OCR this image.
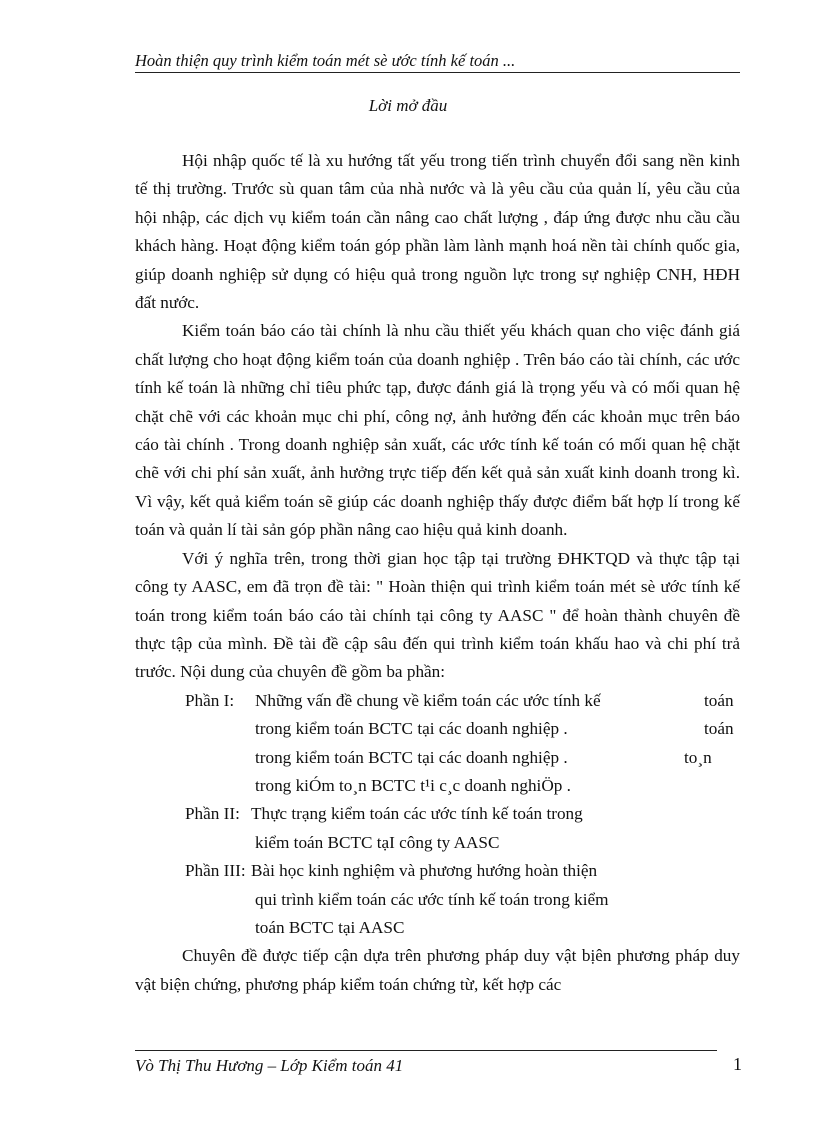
Hoàn thiện quy trình kiểm toán mét sè ước tính kế toán ...
Lời mở đầu

Hội nhập quốc tế là xu hướng tất yếu trong tiến trình chuyển đổi sang nền kinh tế thị trường. Trước sù quan tâm của nhà nước và là yêu cầu của quản lí, yêu cầu của hội nhập, các dịch vụ kiểm toán cần nâng cao chất lượng , đáp ứng được nhu cầu cầu khách hàng. Hoạt động kiểm toán góp phần làm lành mạnh hoá nền tài chính quốc gia, giúp doanh nghiệp sử dụng có hiệu quả trong nguồn lực trong sự nghiệp CNH, HĐH đất nước.

Kiểm toán báo cáo tài chính là nhu cầu thiết yếu khách quan cho việc đánh giá chất lượng cho hoạt động kiểm toán của doanh nghiệp . Trên báo cáo tài chính, các ước tính kế toán là những chỉ tiêu phức tạp, được đánh giá là trọng yếu và có mối quan hệ chặt chẽ với các khoản mục chi phí, công nợ, ảnh hưởng đến các khoản mục trên báo cáo tài chính . Trong doanh nghiệp sản xuất, các ước tính kế toán có mối quan hệ chặt chẽ với chi phí sản xuất, ảnh hưởng trực tiếp đến kết quả sản xuất kinh doanh trong kì. Vì vậy, kết quả kiểm toán sẽ giúp các doanh nghiệp thấy được điểm bất hợp lí trong kế toán và quản lí tài sản góp phần nâng cao hiệu quả kinh doanh.

Với ý nghĩa trên, trong thời gian học tập tại trường ĐHKTQD và thực tập tại công ty AASC, em đã trọn đề tài: " Hoàn thiện qui trình kiểm toán mét sè ước tính kế toán trong kiểm toán báo cáo tài chính tại công ty AASC " để hoàn thành chuyên đề thực tập của mình. Đề tài đề cập sâu đến qui trình kiểm toán khấu hao và chi phí trả trước. Nội dung của chuyên đề gồm ba phần:

Phần I: Những vấn đề chung về kiểm toán các ước tính kế	toán
trong kiểm toán BCTC tại các doanh nghiệp .	toán
trong kiểm toán BCTC tại các doanh nghiệp .	to¸n
trong kiÓm to¸n BCTC t¹i c¸c doanh nghiÖp .
Phần II: Thực trạng kiểm toán các ước tính kế toán trong
kiểm toán BCTC tạI công ty AASC
Phần III: Bài học kinh nghiệm và phương hướng hoàn thiện
qui trình kiểm toán các ước tính kế toán trong kiểm
toán BCTC tại AASC

Chuyên đề được tiếp cận dựa trên phương pháp duy vật bịên phương pháp duy vật biện chứng, phương pháp kiểm toán chứng từ, kết hợp các

Vò Thị Thu Hương – Lớp Kiểm toán 41	1
